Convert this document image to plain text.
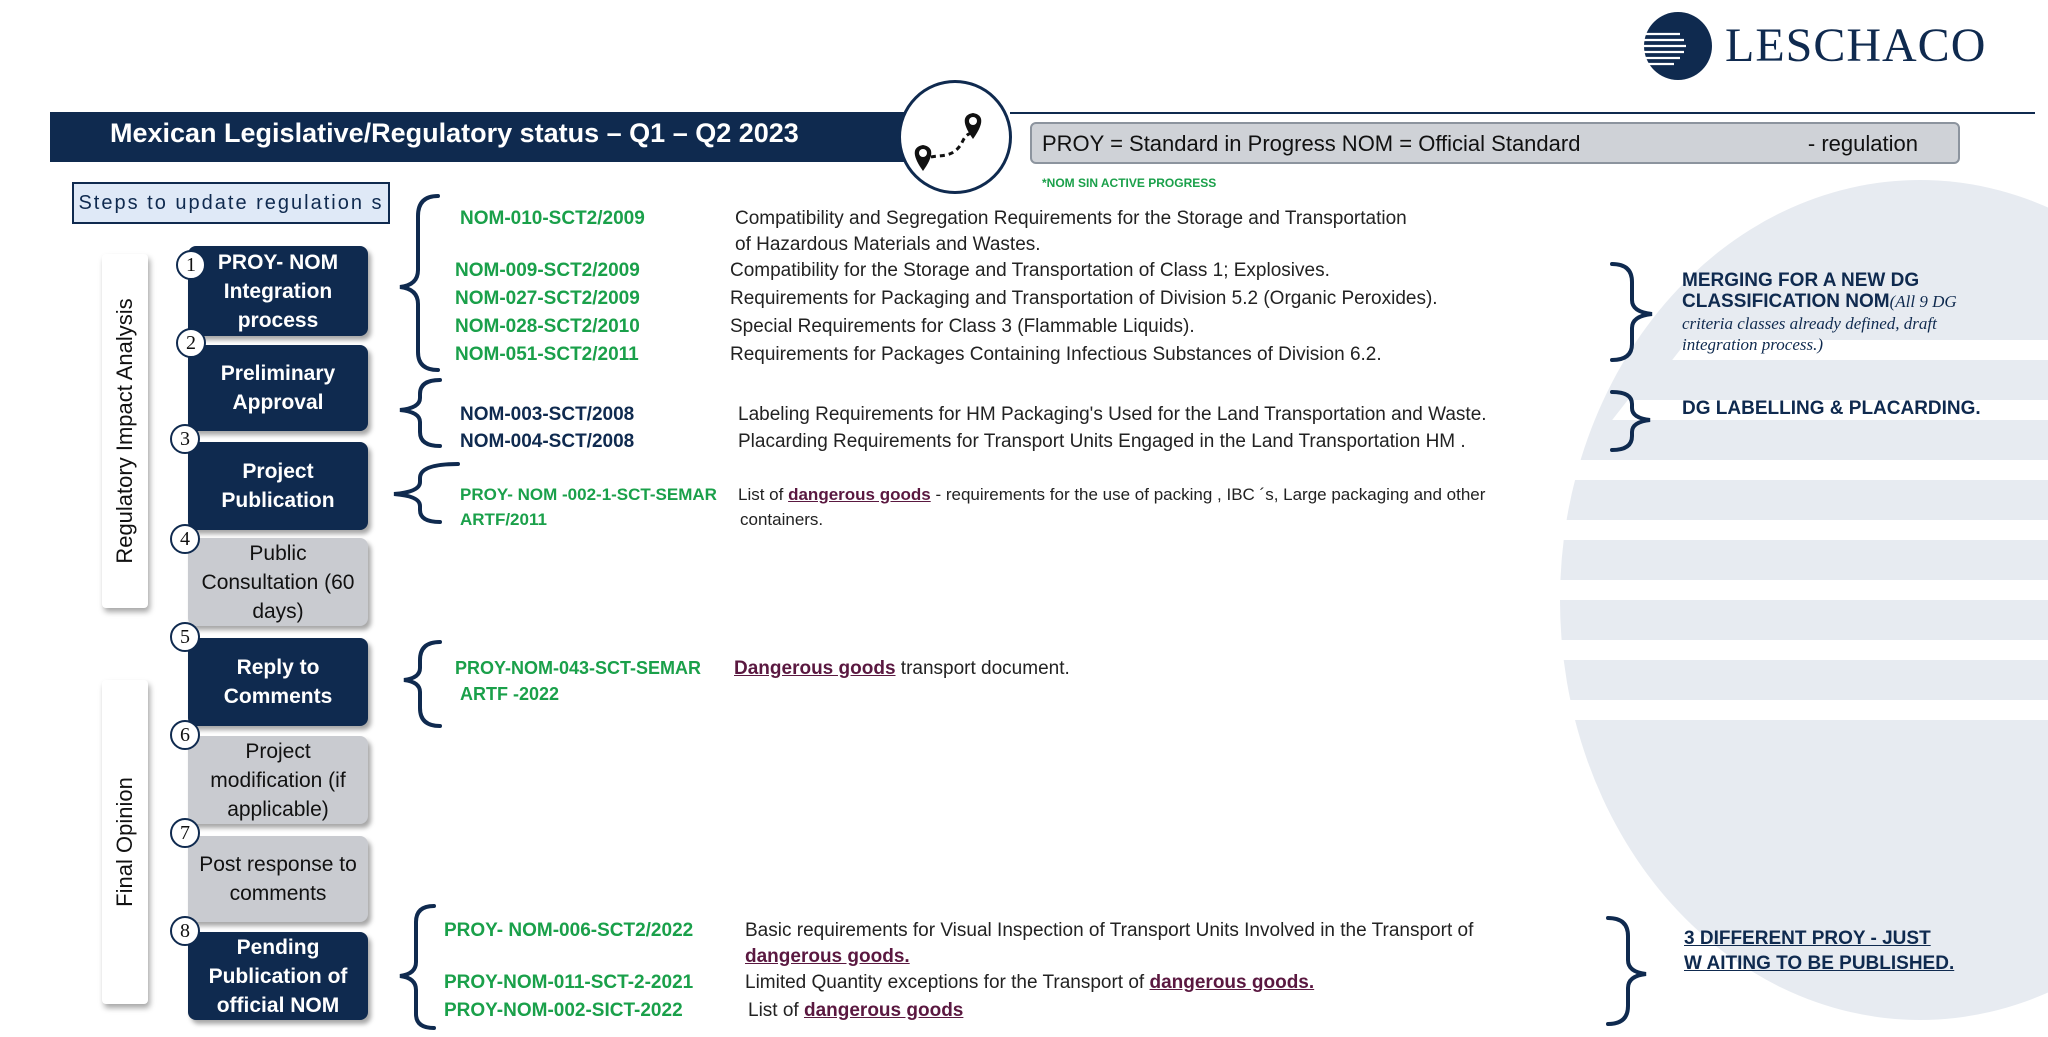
LESCHACO
Mexican Legislative/Regulatory status – Q1 – Q2 2023	PROY = Standard in Progress NOM = Official Standard	- regulation
*NOM SIN ACTIVE PROGRESS
Steps to update regulation s
Regulatory Impact Analysis
Final Opinion
PROY- NOM Integration process
1
Preliminary Approval
2
Project Publication
3
Public Consultation (60 days)
4
Reply to Comments
5
Project modification (if applicable)
6
Post response to comments
7
Pending Publication of official NOM
8
NOM-010-SCT2/2009	Compatibility and Segregation Requirements for the Storage and Transportation
of Hazardous Materials and Wastes.
NOM-009-SCT2/2009	Compatibility for the Storage and Transportation of Class 1; Explosives.
NOM-027-SCT2/2009	Requirements for Packaging and Transportation of Division 5.2 (Organic Peroxides).
NOM-028-SCT2/2010	Special Requirements for Class 3 (Flammable Liquids).
NOM-051-SCT2/2011	Requirements for Packages Containing Infectious Substances of Division 6.2.
MERGING FOR A NEW DG
CLASSIFICATION NOM(All 9 DG
criteria classes already defined, draft
integration process.)
NOM-003-SCT/2008	Labeling Requirements for HM Packaging's Used for the Land Transportation and Waste.
NOM-004-SCT/2008	Placarding Requirements for Transport Units Engaged in the Land Transportation HM .
DG LABELLING & PLACARDING.
PROY- NOM -002-1-SCT-SEMAR
ARTF/2011
List of dangerous goods - requirements for the use of packing , IBC ´s, Large packaging and other
containers.
PROY-NOM-043-SCT-SEMAR
ARTF -2022
Dangerous goods transport document.
PROY- NOM-006-SCT2/2022	Basic requirements for Visual Inspection of Transport Units Involved in the Transport of
dangerous goods.
PROY-NOM-011-SCT-2-2021	Limited Quantity exceptions for the Transport of dangerous goods.
PROY-NOM-002-SICT-2022	List of dangerous goods
3 DIFFERENT PROY - JUST
W AITING TO BE PUBLISHED.
